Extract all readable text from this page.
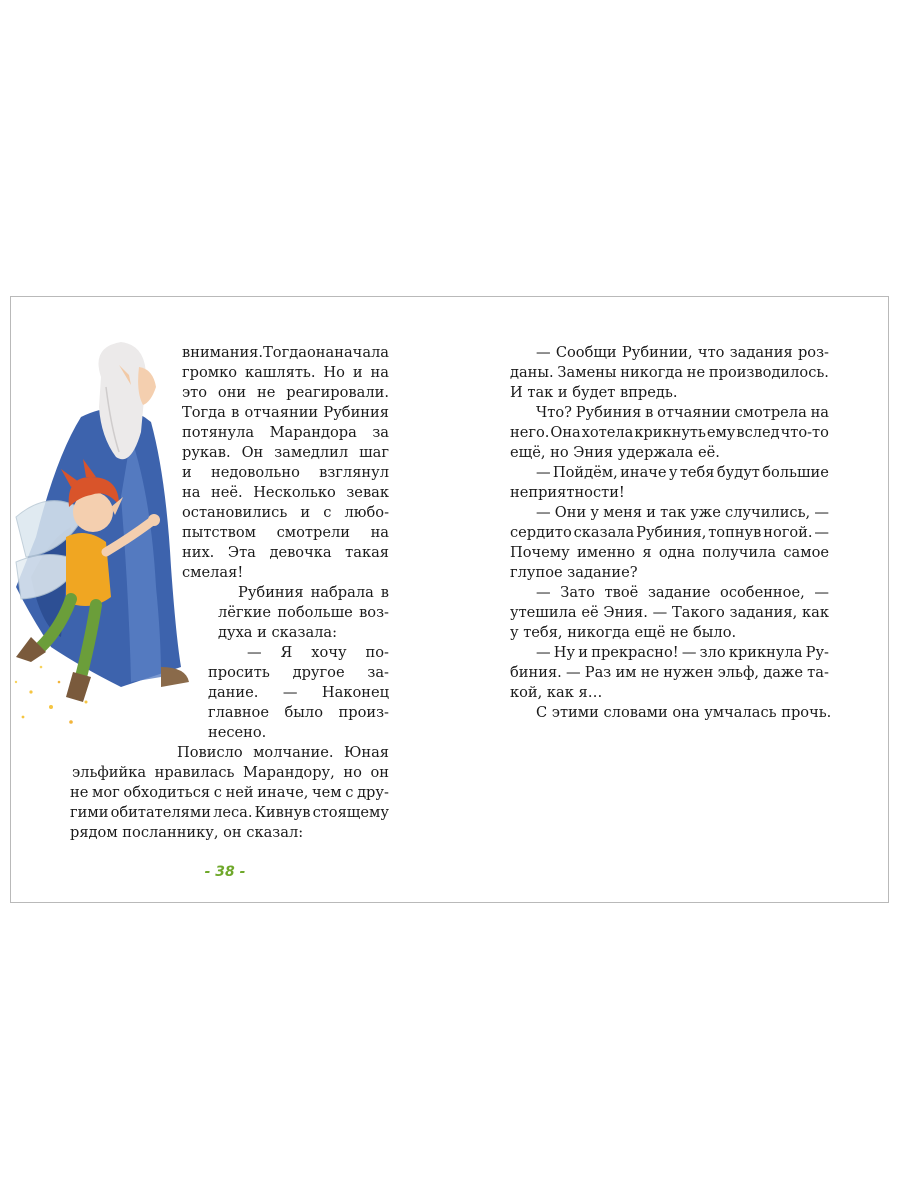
внимания. Тогда она начала
громко кашлять. Но и на
это они не реагировали.
Тогда в отчаянии Рубиния
потянула Марандора за
рукав. Он замедлил шаг
и недовольно взглянул
на неё. Несколько зевак
остановились и с любо-
пытством смотрели на
них. Эта девочка такая
смелая!
Рубиния набрала в
лёгкие побольше воз-
духа и сказала:
— Я хочу по-
просить другое за-
дание. — Наконец
главное было произ-
несено.
Повисло молчание. Юная
эльфийка нравилась Марандору, но он
не мог обходиться с ней иначе, чем с дру-
гими обитателями леса. Кивнув стоящему
рядом посланнику, он сказал:
— Сообщи Рубинии, что задания роз-
даны. Замены никогда не производилось.
И так и будет впредь.
Что? Рубиния в отчаянии смотрела на
него. Она хотела крикнуть ему вслед что-то
ещё, но Эния удержала её.
— Пойдём, иначе у тебя будут большие
неприятности!
— Они у меня и так уже случились, —
сердито сказала Рубиния, топнув ногой. —
Почему именно я одна получила самое
глупое задание?
— Зато твоё задание особенное, —
утешила её Эния. — Такого задания, как
у тебя, никогда ещё не было.
— Ну и прекрасно! — зло крикнула Ру-
биния. — Раз им не нужен эльф, даже та-
кой, как я…
С этими словами она умчалась прочь.
- 38 -
